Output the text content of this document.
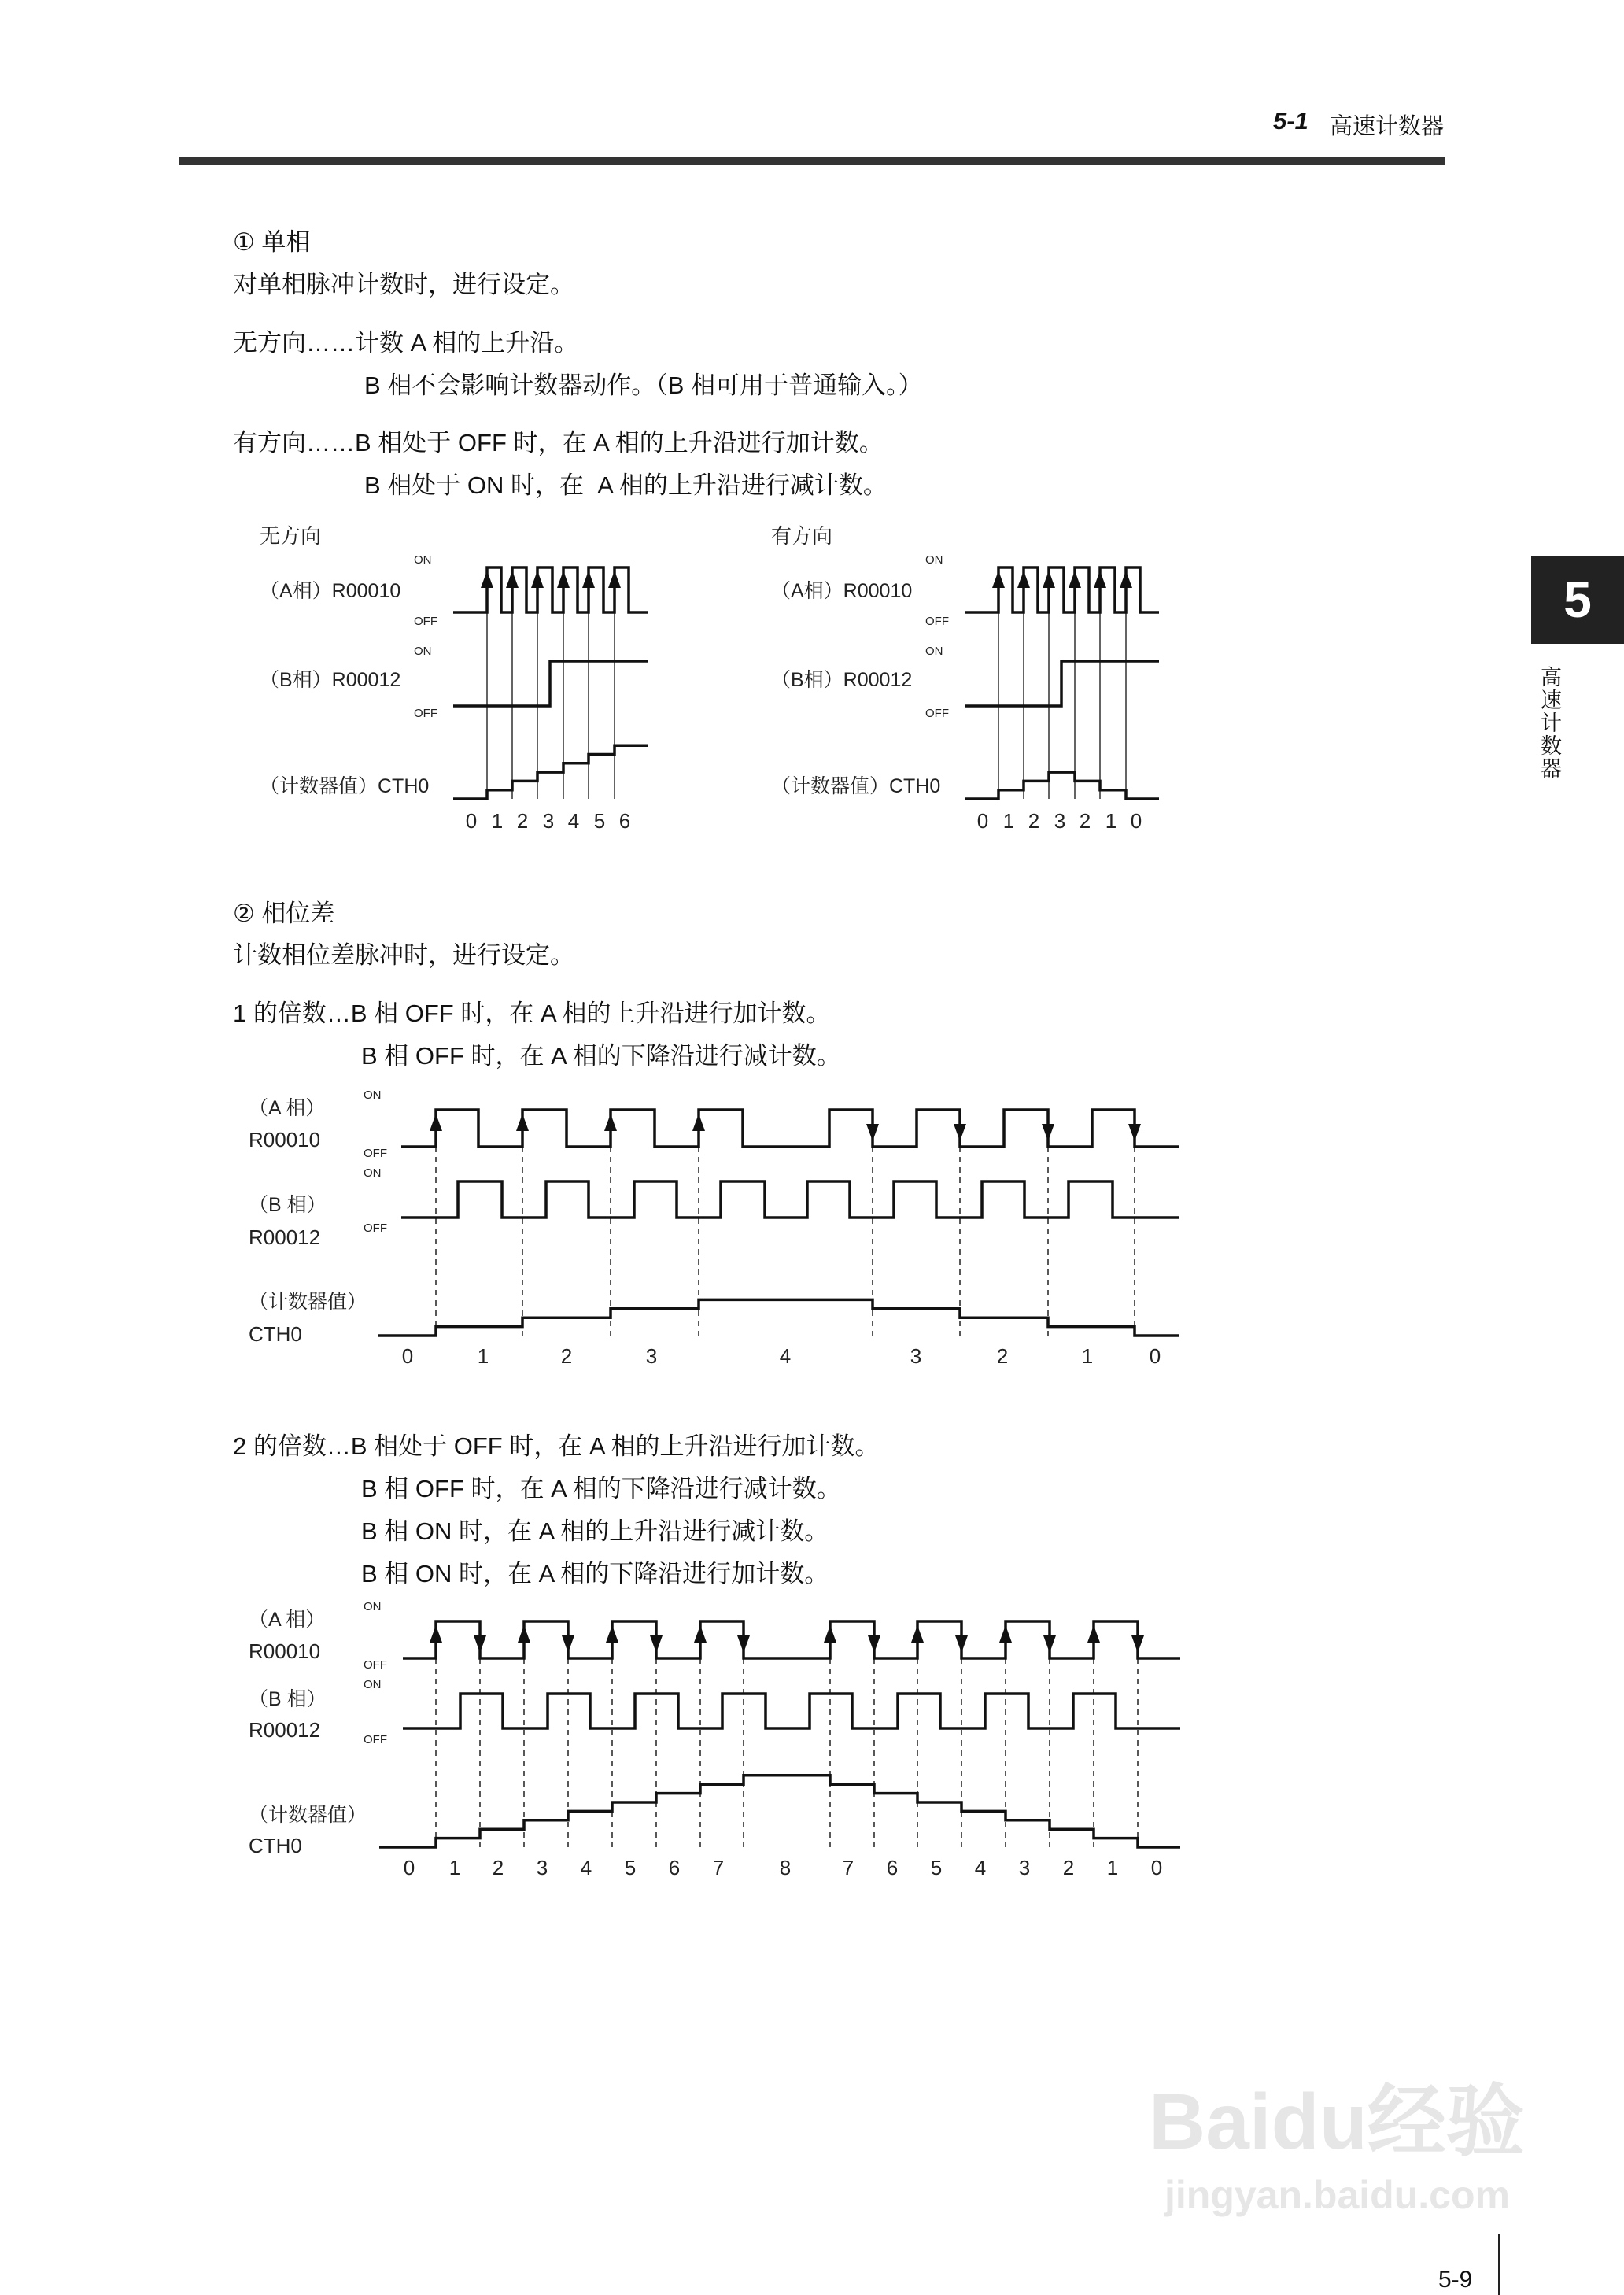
Baidu经验
jingyan.baidu.com
5-1 高速计数器
5
高速计数器
① 单相
对单相脉冲计数时，进行设定。
无方向……计数 A 相的上升沿。
B 相不会影响计数器动作。（B 相可用于普通输入。）
有方向……B 相处于 OFF 时，在 A 相的上升沿进行加计数。
B 相处于 ON 时，在  A 相的上升沿进行减计数。
② 相位差
计数相位差脉冲时，进行设定。
1 的倍数…B 相 OFF 时，在 A 相的上升沿进行加计数。
B 相 OFF 时，在 A 相的下降沿进行减计数。
2 的倍数…B 相处于 OFF 时，在 A 相的上升沿进行加计数。
B 相 OFF 时，在 A 相的下降沿进行减计数。
B 相 ON 时，在 A 相的上升沿进行减计数。
B 相 ON 时，在 A 相的下降沿进行加计数。
无方向
ON
OFF
ON
OFF
（A相）R00010
（B相）R00012
（计数器值）CTH0
0 1 2 3 4 5 6
有方向
ON
OFF
ON
OFF
（A相）R00010
（B相）R00012
（计数器值）CTH0
0 1 2 3 2 1 0
（A 相）
R00010
（B 相）
R00012
（计数器值）
CTH0
ON
OFF
ON
OFF
0	1	2	3	4	3	2	1	0
（A 相）
R00010
（B 相）
R00012
（计数器值）
CTH0
ON
OFF
ON
OFF
0 1 2 3 4 5 6 7	8	7 6 5 4 3 2 1 0
5-9
